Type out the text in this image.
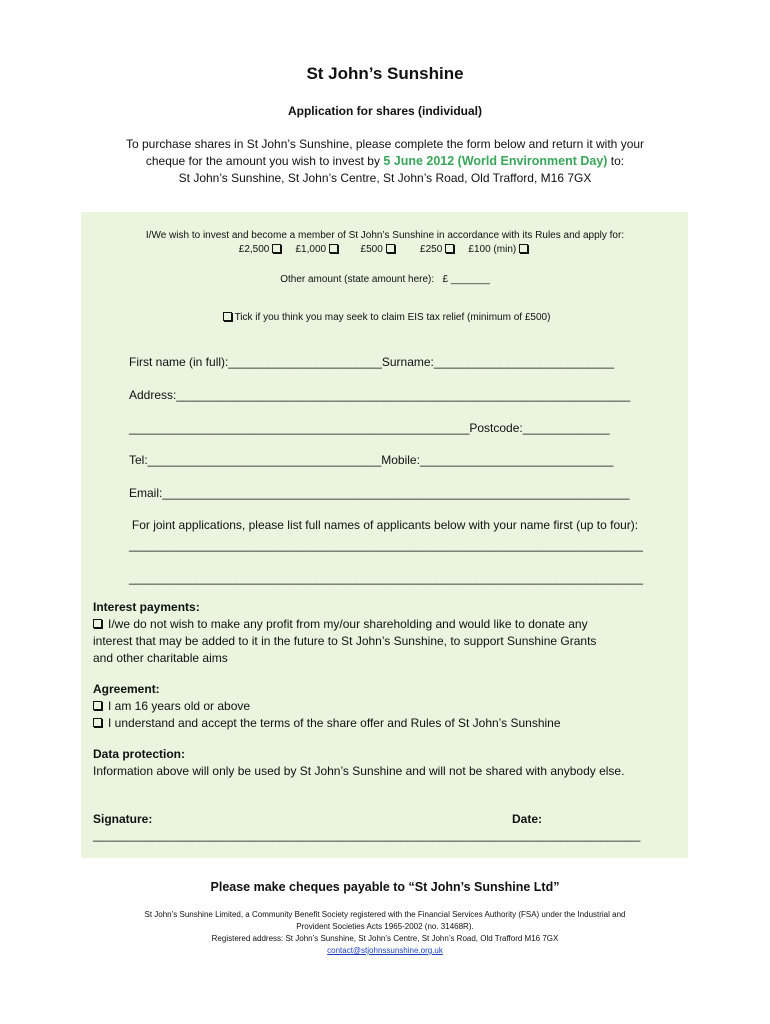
St John’s Sunshine
Application for shares (individual)
To purchase shares in St John’s Sunshine, please complete the form below and return it with your
cheque for the amount you wish to invest by 5 June 2012 (World Environment Day) to:
St John’s Sunshine, St John’s Centre, St John’s Road, Old Trafford, M16 7GX
I/We wish to invest and become a member of St John’s Sunshine in accordance with its Rules and apply for:
£2,500	£1,000	£500	£250	£100 (min)
Other amount (state amount here):   £ _______
Tick if you think you may seek to claim EIS tax relief (minimum of £500)
First name (in full):_______________________Surname:___________________________
Address:____________________________________________________________________
___________________________________________________Postcode:_____________
Tel:___________________________________Mobile:_____________________________
Email:______________________________________________________________________
For joint applications, please list full names of applicants below with your name first (up to four):
_____________________________________________________________________________
_____________________________________________________________________________
Interest payments:
I/we do not wish to make any profit from my/our shareholding and would like to donate any
interest that may be added to it in the future to St John’s Sunshine, to support Sunshine Grants
and other charitable aims
Agreement:
I am 16 years old or above
I understand and accept the terms of the share offer and Rules of St John’s Sunshine
Data protection:
Information above will only be used by St John’s Sunshine and will not be shared with anybody else.
Signature:	Date:
__________________________________________________________________________________
Please make cheques payable to “St John’s Sunshine Ltd”
St John’s Sunshine Limited, a Community Benefit Society registered with the Financial Services Authority (FSA) under the Industrial and
Provident Societies Acts 1965-2002 (no. 31468R).
Registered address: St John’s Sunshine, St John’s Centre, St John’s Road, Old Trafford M16 7GX
contact@stjohnssunshine.org.uk
